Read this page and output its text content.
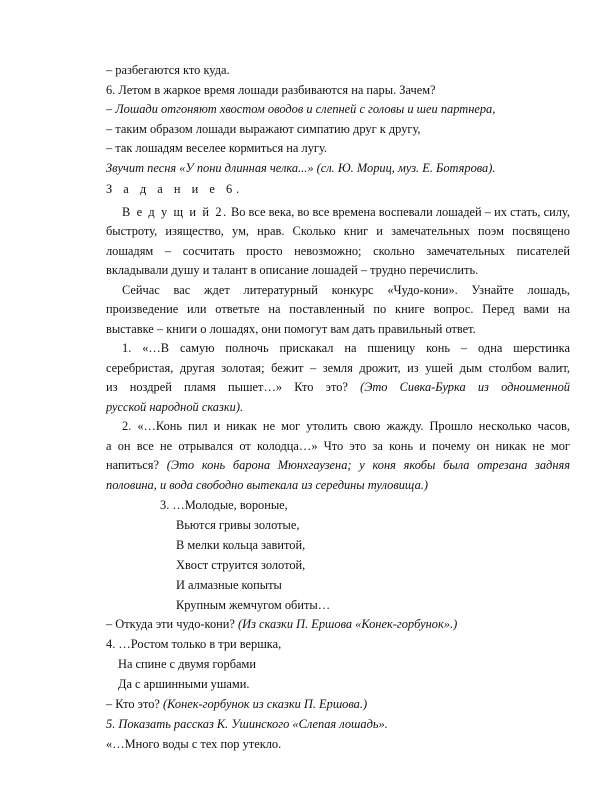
– разбегаются кто куда.
6. Летом в жаркое время лошади разбиваются на пары. Зачем?
– Лошади отгоняют хвостом оводов и слепней с головы и шеи партнера,
– таким образом лошади выражают симпатию друг к другу,
– так лошадям веселее кормиться на лугу.
Звучит песня «У пони длинная челка...» (сл. Ю. Мориц, муз. Е. Ботярова).
З а д а н и е 6.
В е д у щ и й 2. Во все века, во все времена воспевали лошадей – их стать, силу,
быстроту, изящество, ум, нрав. Сколько книг и замечательных поэм посвящено
лошадям – сосчитать просто невозможно; скольно замечательных писателей
вкладывали душу и талант в описание лошадей – трудно перечислить.
Сейчас вас ждет литературный конкурс «Чудо-кони». Узнайте лошадь,
произведение или ответьте на поставленный по книге вопрос. Перед вами на
выставке – книги о лошадях, они помогут вам дать правильный ответ.
1. «…В самую полночь прискакал на пшеницу конь – одна шерстинка
серебристая, другая золотая; бежит – земля дрожит, из ушей дым столбом валит,
из ноздрей пламя пышет…» Кто это? (Это Сивка-Бурка из одноименной
русской народной сказки).
2. «…Конь пил и никак не мог утолить свою жажду. Прошло несколько часов,
а он все не отрывался от колодца…» Что это за конь и почему он никак не мог
напиться? (Это конь барона Мюнхгаузена; у коня якобы была отрезана задняя
половина, и вода свободно вытекала из середины туловища.)
3. …Молодые, вороные,
Вьются гривы золотые,
В мелки кольца завитой,
Хвост струится золотой,
И алмазные копыты
Крупным жемчугом обиты…
– Откуда эти чудо-кони? (Из сказки П. Ершова «Конек-горбунок».)
4. …Ростом только в три вершка,
На спине с двумя горбами
Да с аршинными ушами.
– Кто это? (Конек-горбунок из сказки П. Ершова.)
5. Показать рассказ К. Ушинского «Слепая лошадь».
«…Много воды с тех пор утекло.
